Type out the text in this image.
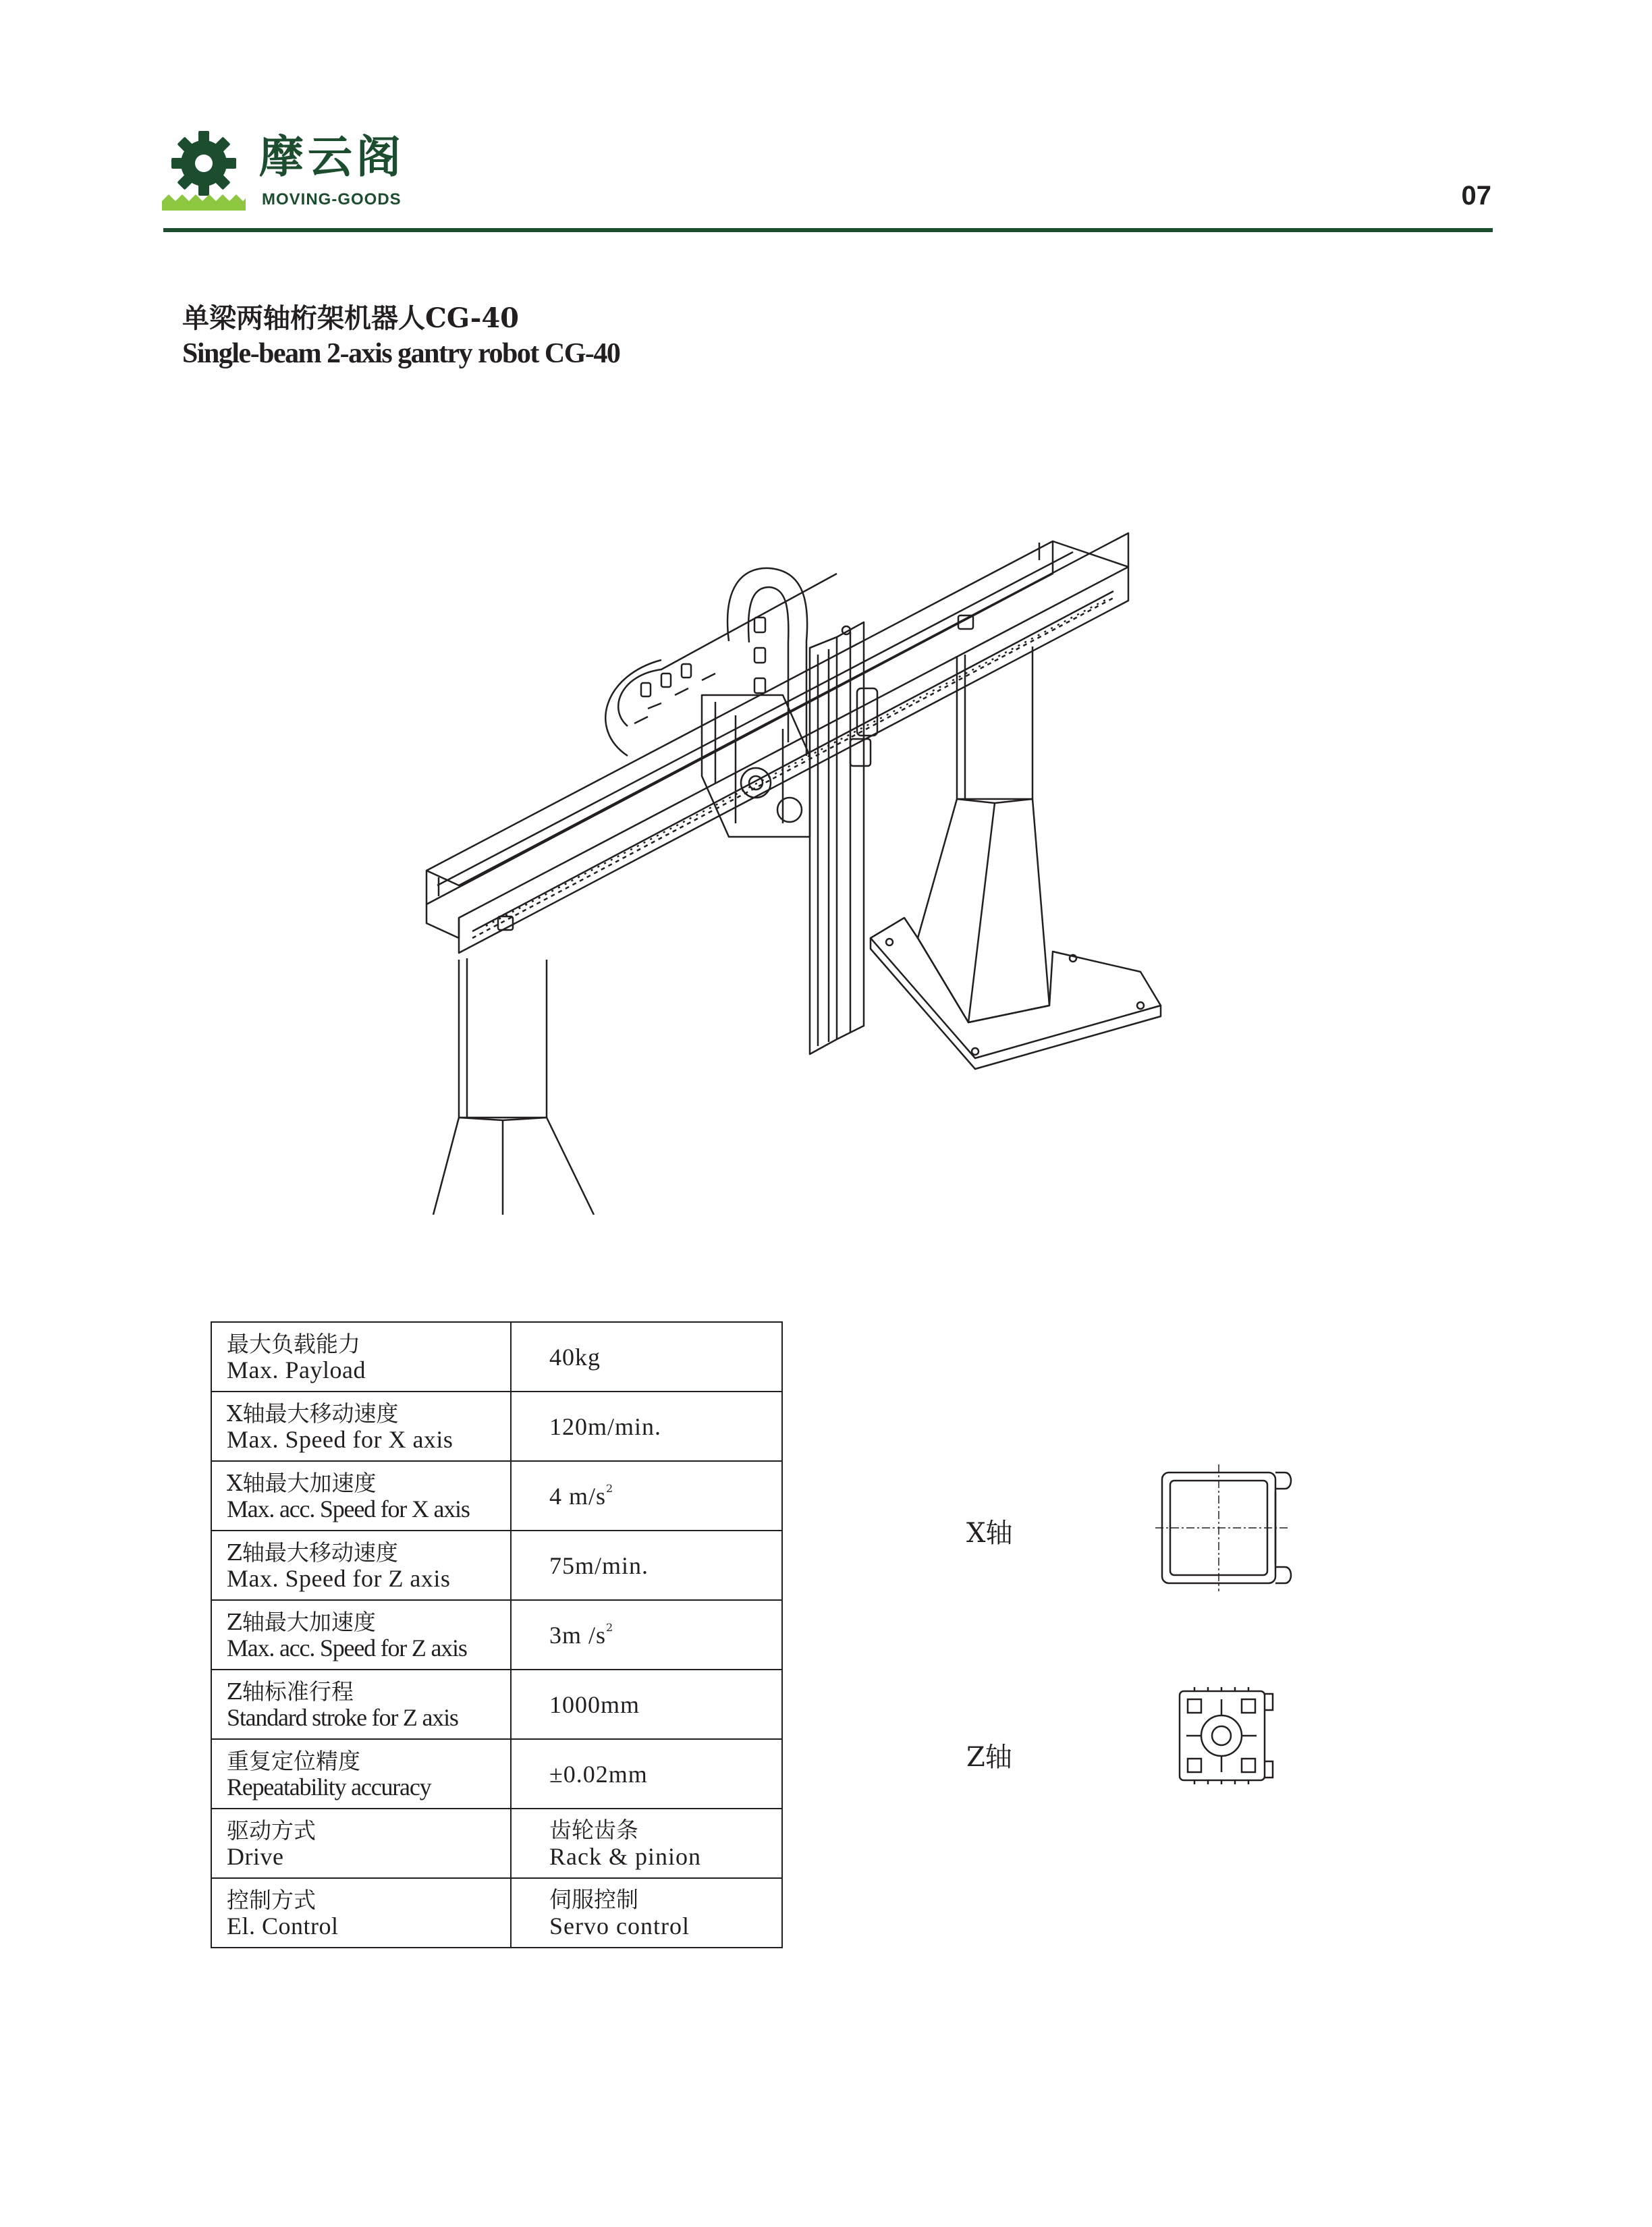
摩云阁
MOVING-GOODS	07
单梁两轴桁架机器人CG-40
Single-beam 2-axis gantry robot CG-40
最大负载能力
Max. Payload	40kg

X轴最大移动速度
Max. Speed for X axis	120m/min.

X轴最大加速度
Max. acc. Speed for X axis	4 $m/s^2$

Z轴最大移动速度
Max. Speed for Z axis	75m/min.

Z轴最大加速度
Max. acc. Speed for Z axis	3m $/s^2$

Z轴标准行程
Standard stroke for Z axis	1000mm

重复定位精度
Repeatability accuracy	±0.02mm

驱动方式
Drive	齿轮齿条
Rack & pinion

控制方式
El. Control	伺服控制
Servo control
X轴
Z轴
